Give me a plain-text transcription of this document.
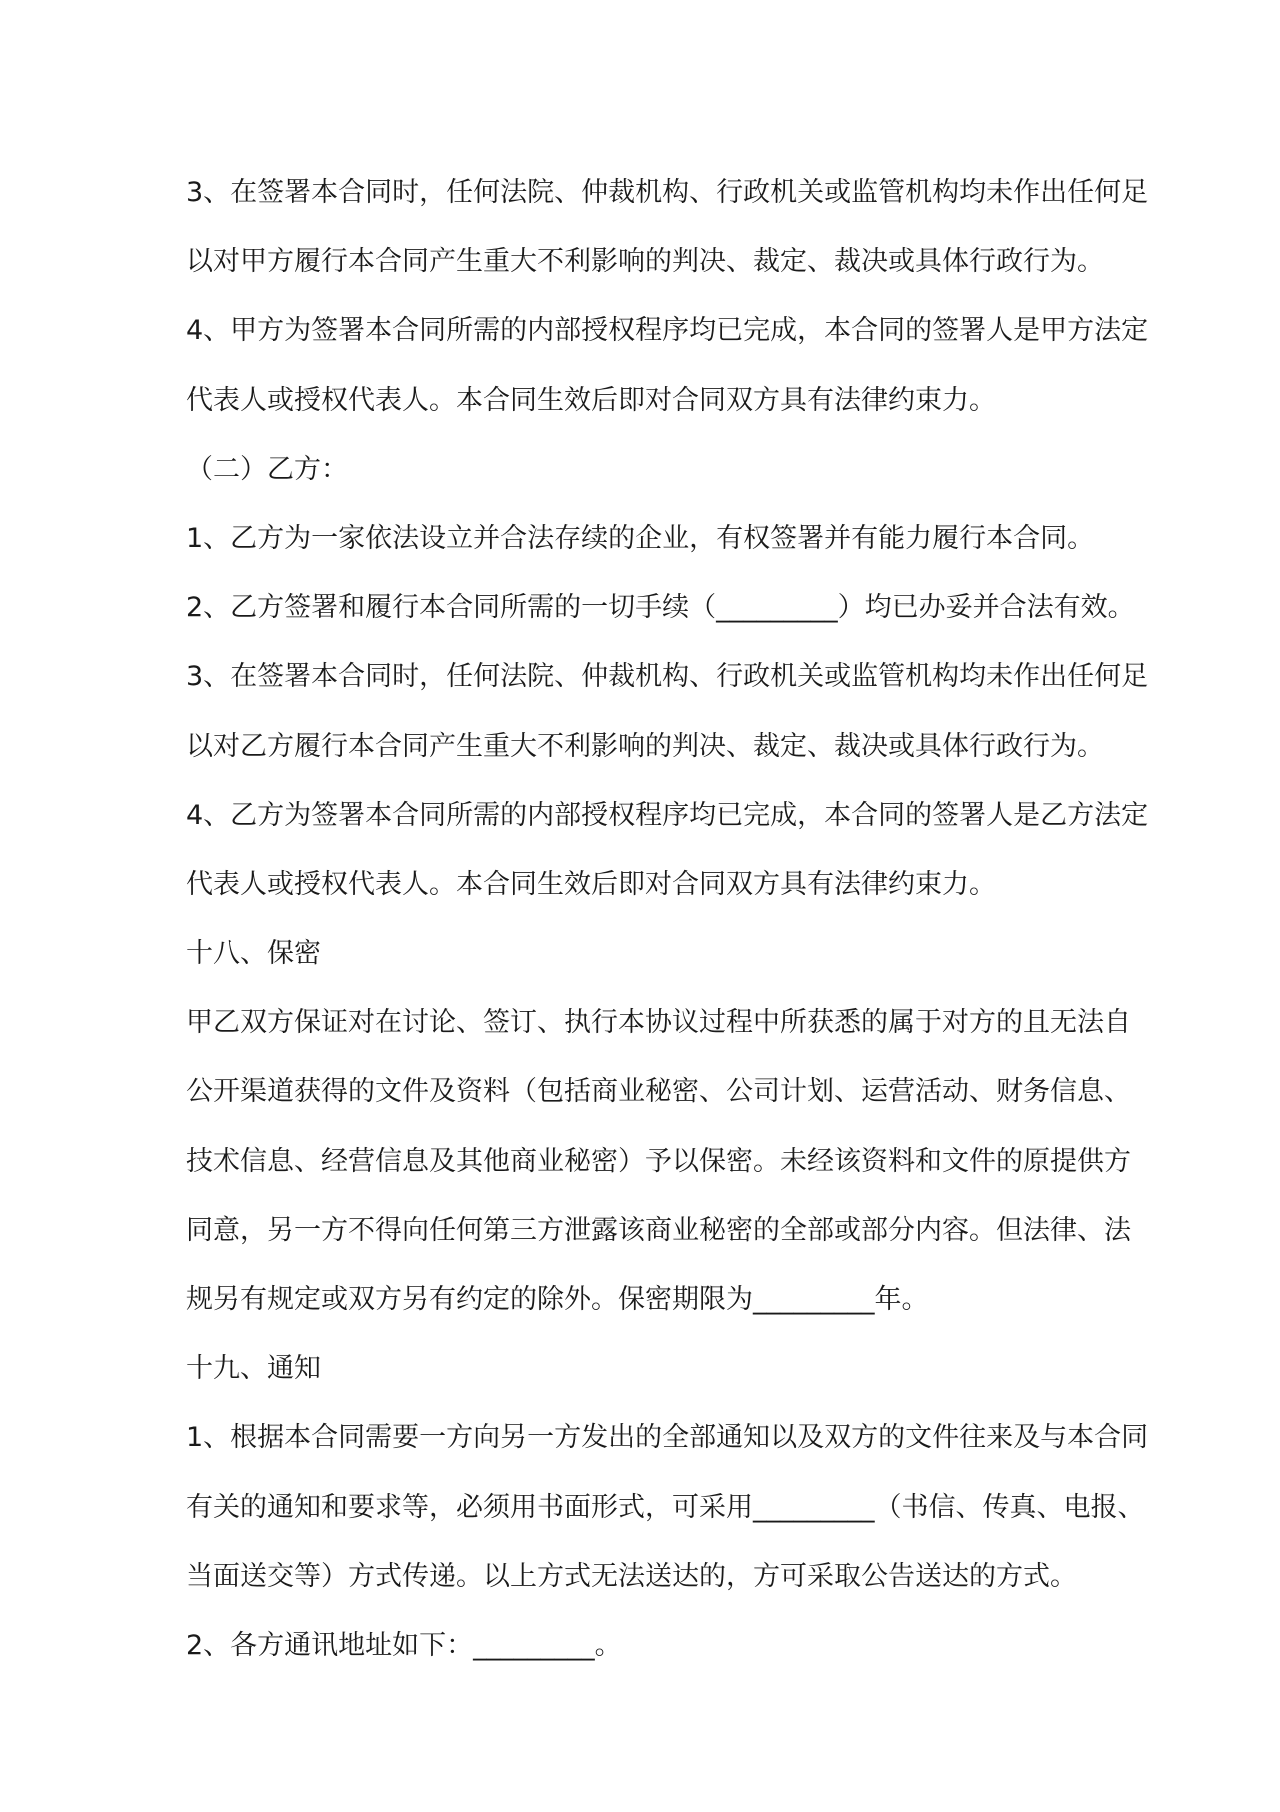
3、在签署本合同时，任何法院、仲裁机构、行政机关或监管机构均未作出任何足
以对甲方履行本合同产生重大不利影响的判决、裁定、裁决或具体行政行为。
4、甲方为签署本合同所需的内部授权程序均已完成，本合同的签署人是甲方法定
代表人或授权代表人。本合同生效后即对合同双方具有法律约束力。
（二）乙方：
1、乙方为一家依法设立并合法存续的企业，有权签署并有能力履行本合同。
2、乙方签署和履行本合同所需的一切手续（_________）均已办妥并合法有效。
3、在签署本合同时，任何法院、仲裁机构、行政机关或监管机构均未作出任何足
以对乙方履行本合同产生重大不利影响的判决、裁定、裁决或具体行政行为。
4、乙方为签署本合同所需的内部授权程序均已完成，本合同的签署人是乙方法定
代表人或授权代表人。本合同生效后即对合同双方具有法律约束力。
十八、保密
甲乙双方保证对在讨论、签订、执行本协议过程中所获悉的属于对方的且无法自
公开渠道获得的文件及资料（包括商业秘密、公司计划、运营活动、财务信息、
技术信息、经营信息及其他商业秘密）予以保密。未经该资料和文件的原提供方
同意，另一方不得向任何第三方泄露该商业秘密的全部或部分内容。但法律、法
规另有规定或双方另有约定的除外。保密期限为_________年。
十九、通知
1、根据本合同需要一方向另一方发出的全部通知以及双方的文件往来及与本合同
有关的通知和要求等，必须用书面形式，可采用_________（书信、传真、电报、
当面送交等）方式传递。以上方式无法送达的，方可采取公告送达的方式。
2、各方通讯地址如下：_________。
